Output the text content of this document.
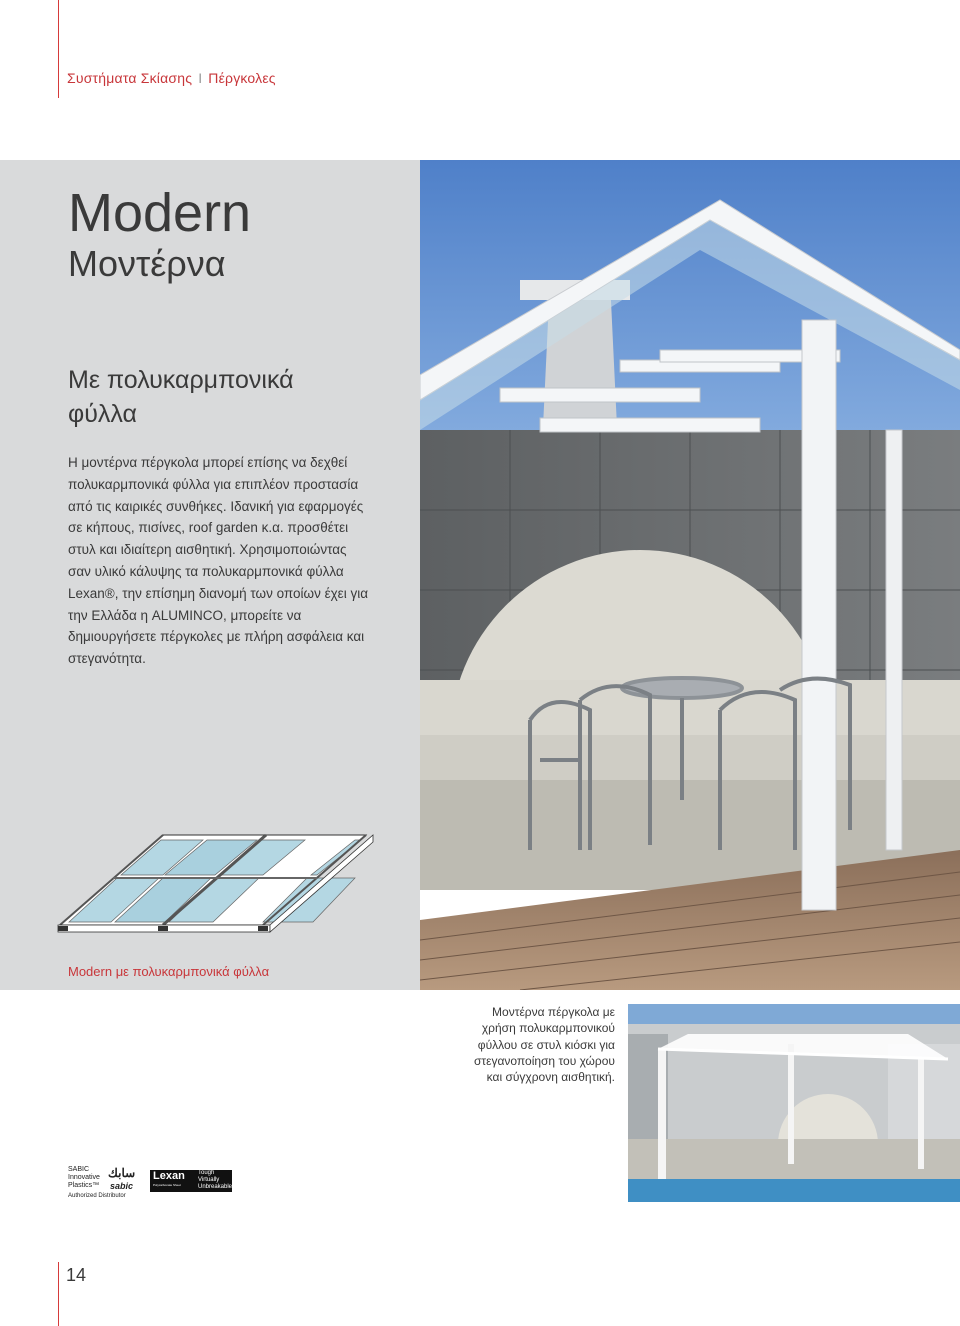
Συστήματα Σκίασης I Πέργκολες
Modern
Μοντέρνα
Με πολυκαρμπονικά φύλλα
Η μοντέρνα πέργκολα μπορεί επίσης να δεχθεί πολυκαρμπονικά φύλλα για επιπλέον προστασία από τις καιρικές συνθήκες. Ιδανική για εφαρμογές σε κήπους, πισίνες, roof garden κ.α. προσθέτει στυλ και ιδιαίτερη αισθητική. Χρησιμοποιώντας σαν υλικό κάλυψης τα πολυκαρμπονικά φύλλα Lexan®, την επίσημη διανομή των οποίων έχει για την Ελλάδα η ALUMINCO, μπορείτε να δημιουργήσετε πέργκολες με πλήρη ασφάλεια και στεγανότητα.
Modern με πολυκαρμπονικά φύλλα
Μοντέρνα πέργκολα με χρήση πολυκαρμπονικού φύλλου σε στυλ κιόσκι για στεγανοποίηση του χώρου και σύγχρονη αισθητική.
SABIC
Innovative
Plastics™
سابك
sabic
Lexan
Polycarbonate Sheet
Tough
Virtually
Unbreakable
Authorized Distributor
14
